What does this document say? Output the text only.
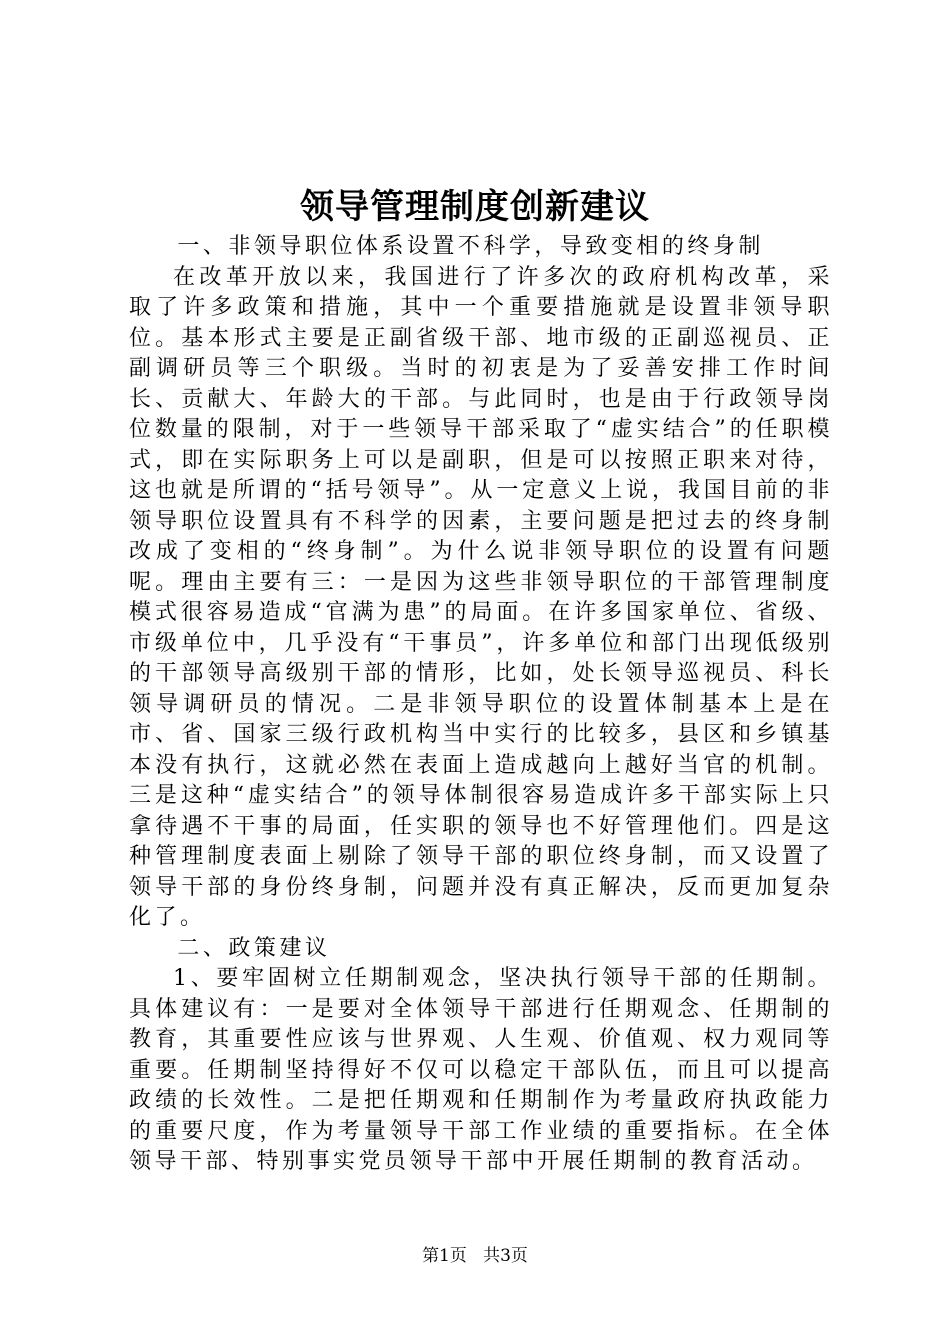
领导管理制度创新建议

一、非领导职位体系设置不科学，导致变相的终身制

在改革开放以来，我国进行了许多次的政府机构改革，采取了许多政策和措施，其中一个重要措施就是设置非领导职位。基本形式主要是正副省级干部、地市级的正副巡视员、正副调研员等三个职级。当时的初衷是为了妥善安排工作时间长、贡献大、年龄大的干部。与此同时，也是由于行政领导岗位数量的限制，对于一些领导干部采取了“虚实结合”的任职模式，即在实际职务上可以是副职，但是可以按照正职来对待，这也就是所谓的“括号领导”。从一定意义上说，我国目前的非领导职位设置具有不科学的因素，主要问题是把过去的终身制改成了变相的“终身制”。为什么说非领导职位的设置有问题呢。理由主要有三：一是因为这些非领导职位的干部管理制度模式很容易造成“官满为患”的局面。在许多国家单位、省级、市级单位中，几乎没有“干事员”，许多单位和部门出现低级别的干部领导高级别干部的情形，比如，处长领导巡视员、科长领导调研员的情况。二是非领导职位的设置体制基本上是在市、省、国家三级行政机构当中实行的比较多，县区和乡镇基本没有执行，这就必然在表面上造成越向上越好当官的机制。三是这种“虚实结合”的领导体制很容易造成许多干部实际上只拿待遇不干事的局面，任实职的领导也不好管理他们。四是这种管理制度表面上剔除了领导干部的职位终身制，而又设置了领导干部的身份终身制，问题并没有真正解决，反而更加复杂化了。

二、政策建议

1、要牢固树立任期制观念，坚决执行领导干部的任期制。具体建议有：一是要对全体领导干部进行任期观念、任期制的教育，其重要性应该与世界观、人生观、价值观、权力观同等重要。任期制坚持得好不仅可以稳定干部队伍，而且可以提高政绩的长效性。二是把任期观和任期制作为考量政府执政能力的重要尺度，作为考量领导干部工作业绩的重要指标。在全体领导干部、特别事实党员领导干部中开展任期制的教育活动。

第1页 共3页
